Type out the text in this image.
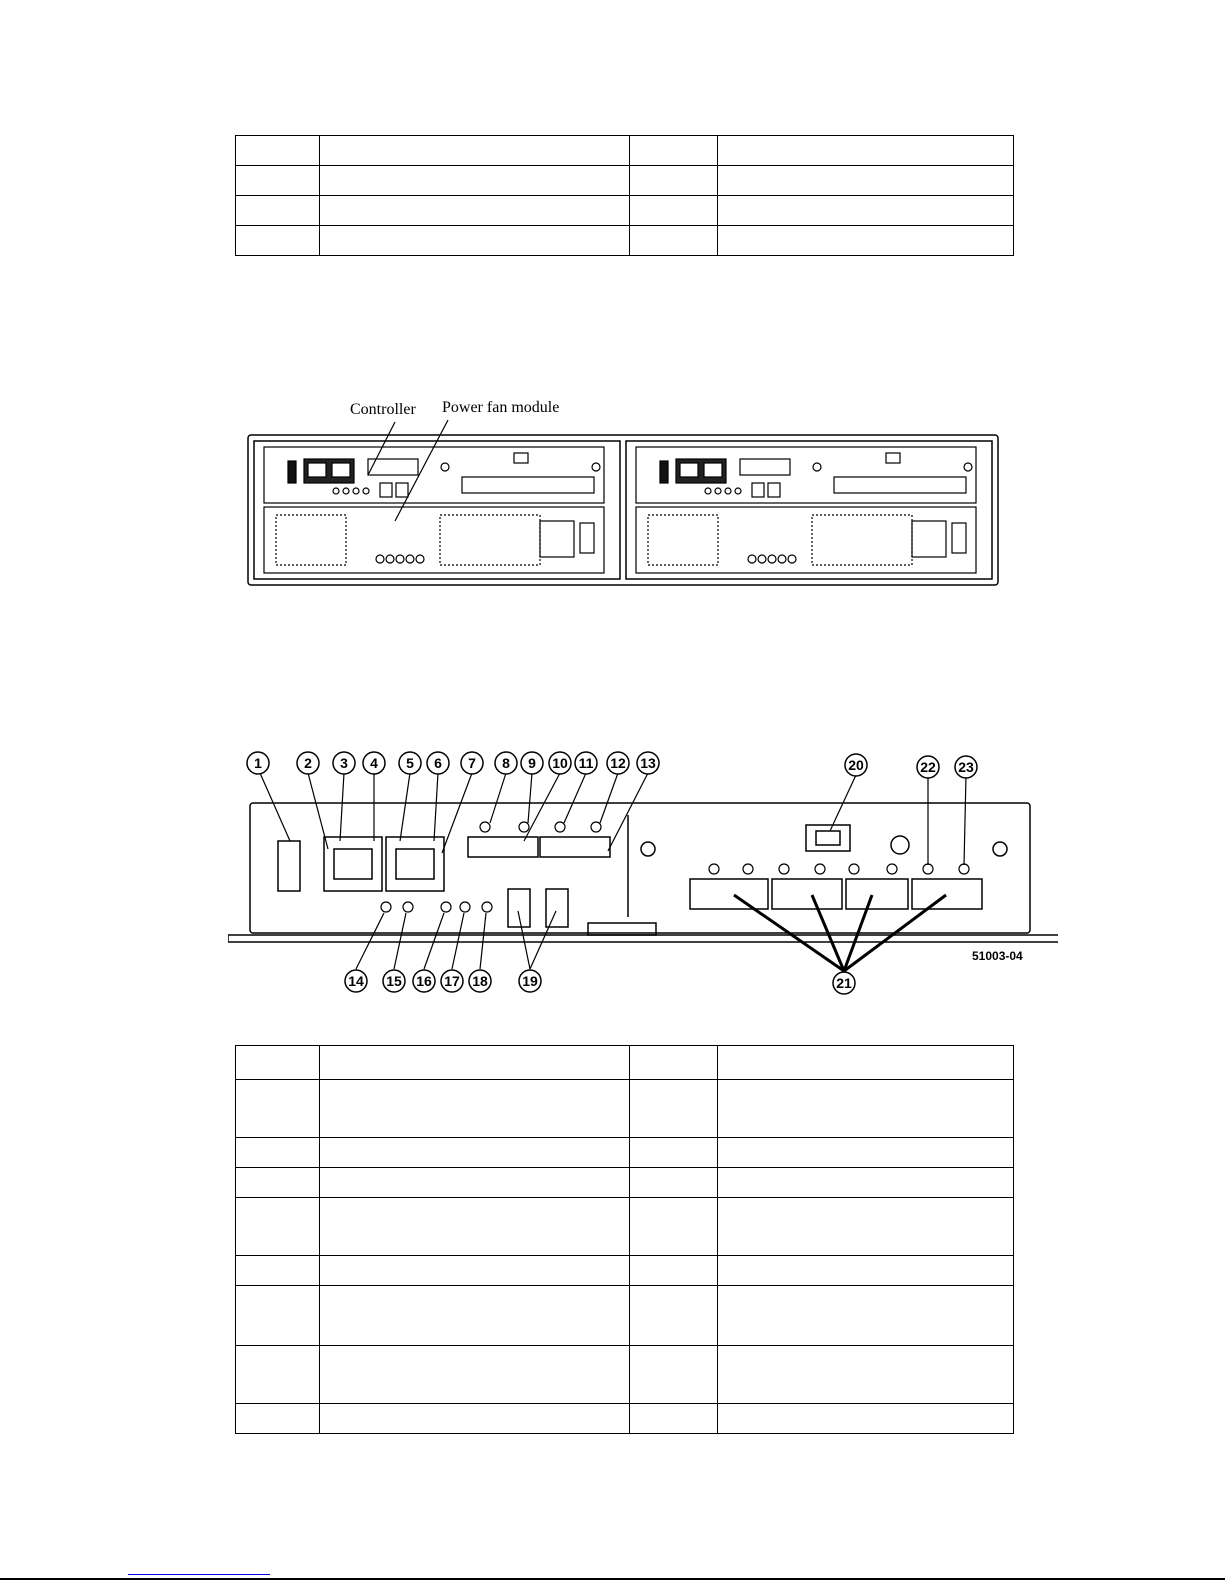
Controller Power fan module
1	2 3 4 5 6 7 8 9 10 11 12 13
14 15 16 17 18 19
20
21
22 23
51003-04
